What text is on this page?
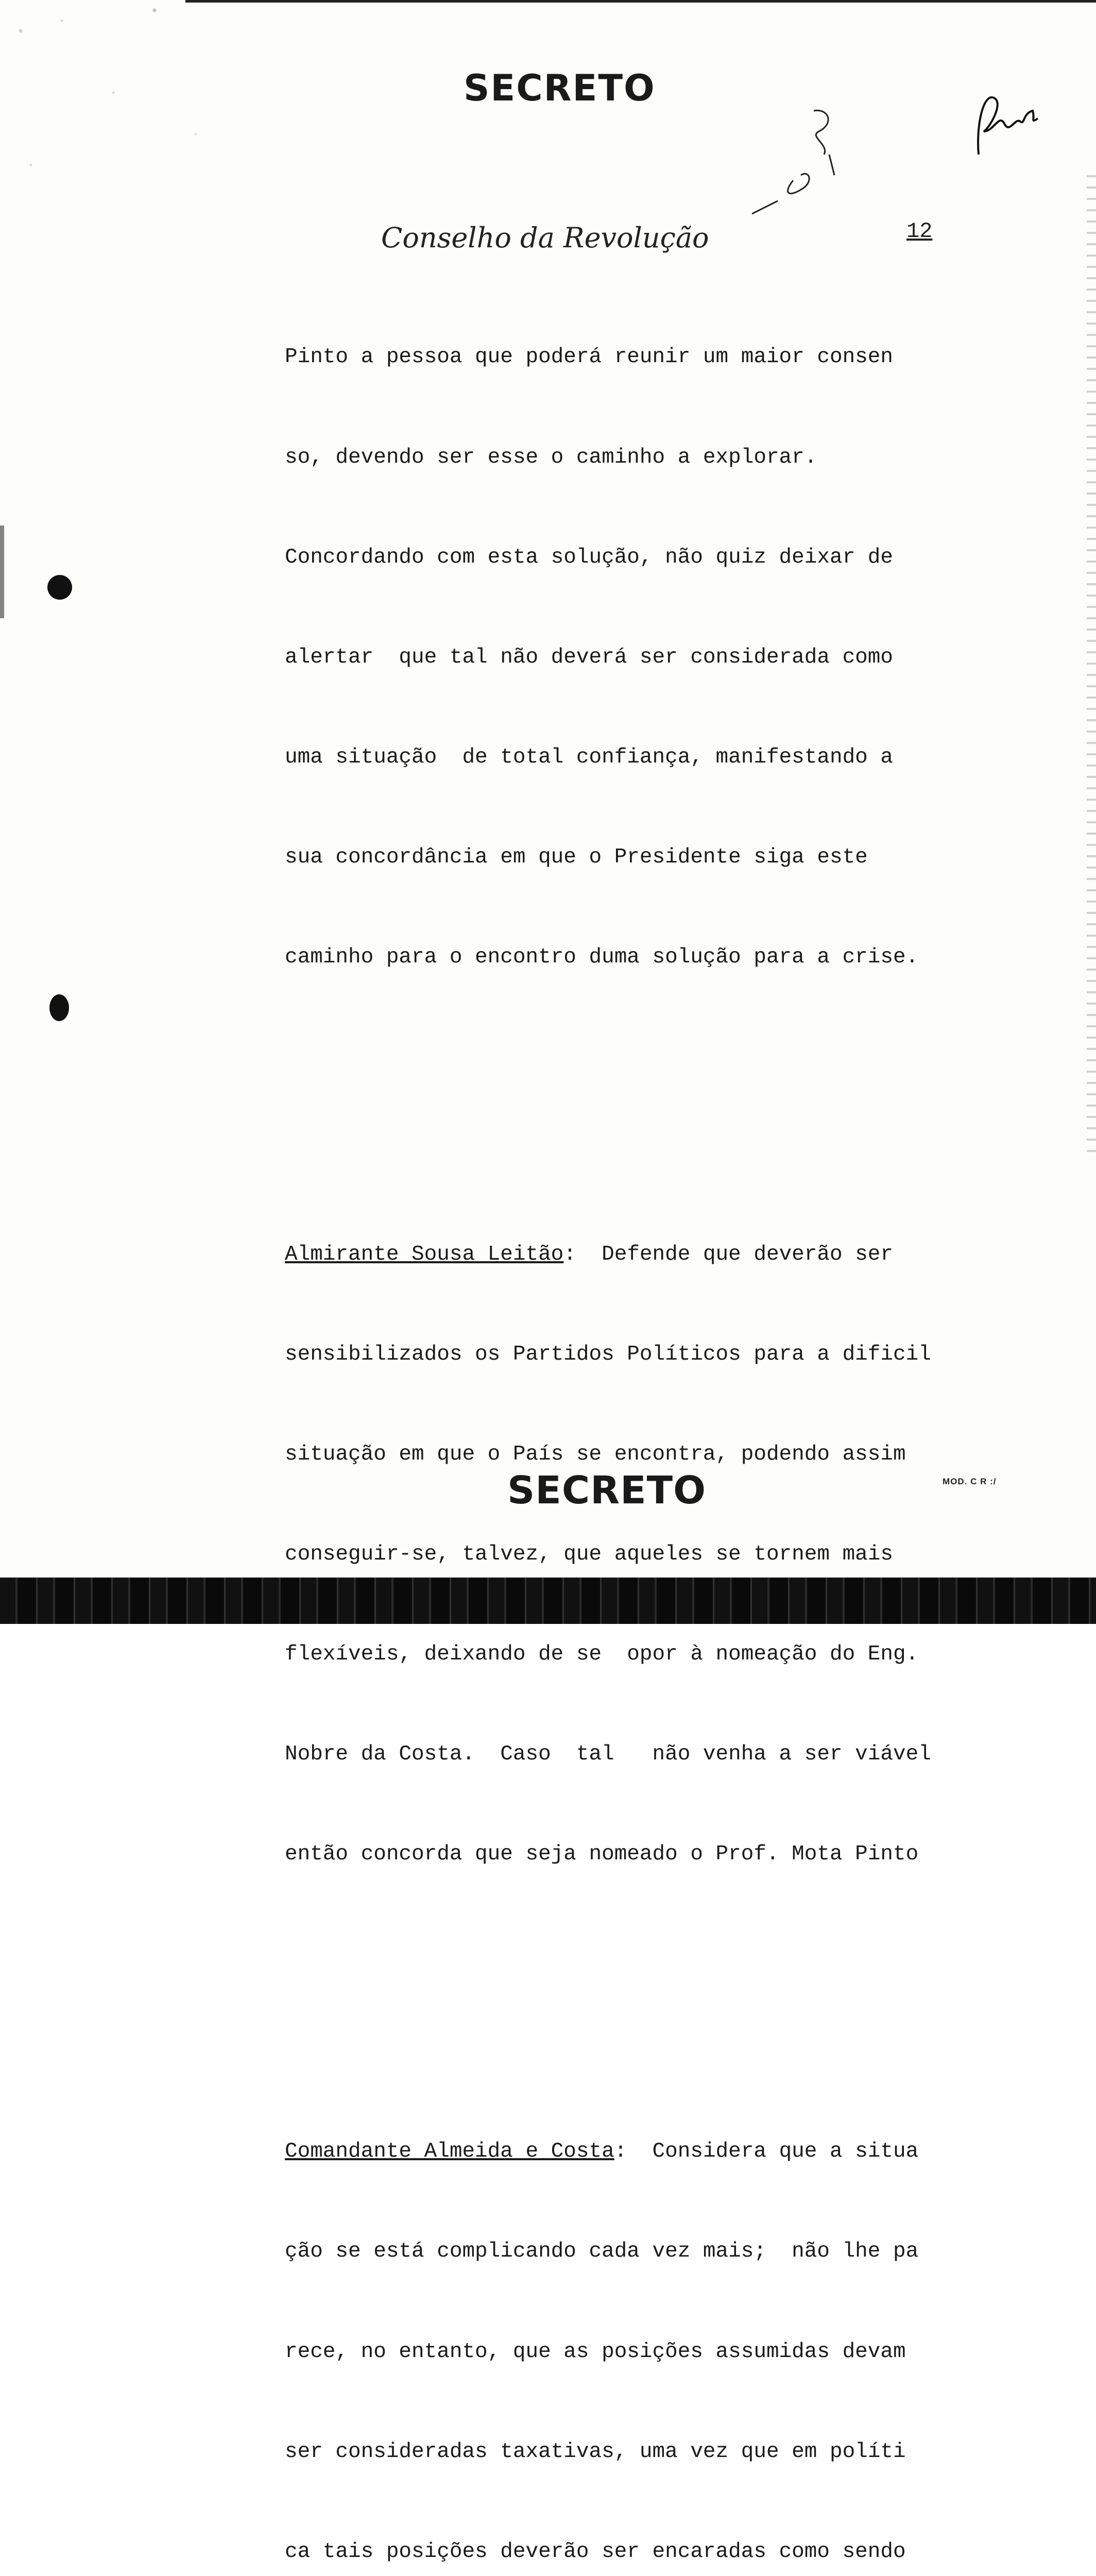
SECRETO
Conselho da Revolução	12

Pinto a pessoa que poderá reunir um maior consen

so, devendo ser esse o caminho a explorar.

Concordando com esta solução, não quiz deixar de

alertar  que tal não deverá ser considerada como

uma situação  de total confiança, manifestando a

sua concordância em que o Presidente siga este

caminho para o encontro duma solução para a crise.

Almirante Sousa Leitão:  Defende que deverão ser

sensibilizados os Partidos Políticos para a dificil

situação em que o País se encontra, podendo assim

conseguir-se, talvez, que aqueles se tornem mais

flexíveis, deixando de se  opor à nomeação do Eng.

Nobre da Costa.  Caso  tal   não venha a ser viável

então concorda que seja nomeado o Prof. Mota Pinto

Comandante Almeida e Costa:  Considera que a situa

ção se está complicando cada vez mais;  não lhe pa

rece, no entanto, que as posições assumidas devam

ser consideradas taxativas, uma vez que em políti

ca tais posições deverão ser encaradas como sendo

SECRETO	MOD. C R :/
